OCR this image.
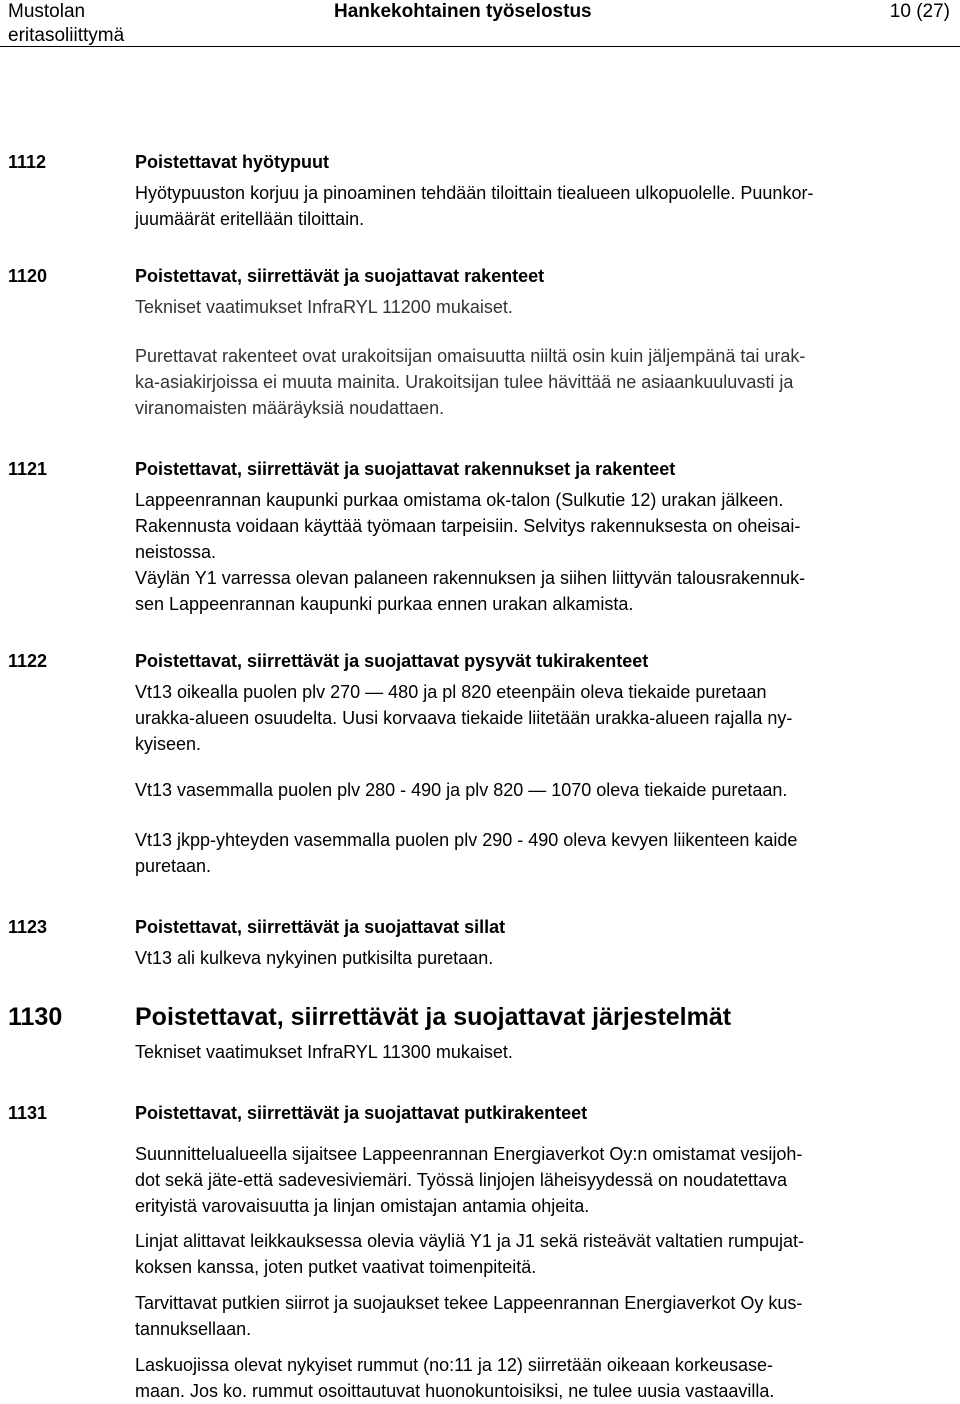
Mustolan
eritasoliittymä
Hankekohtainen työselostus	10 (27)
1112	Poistettavat hyötypuut

Hyötypuuston korjuu ja pinoaminen tehdään tiloittain tiealueen ulkopuolelle. Puunkor-
juumäärät eritellään tiloittain.

1120	Poistettavat, siirrettävät ja suojattavat rakenteet

Tekniset vaatimukset InfraRYL 11200 mukaiset.

Purettavat rakenteet ovat urakoitsijan omaisuutta niiltä osin kuin jäljempänä tai urak-
ka-asiakirjoissa ei muuta mainita. Urakoitsijan tulee hävittää ne asiaankuuluvasti ja
viranomaisten määräyksiä noudattaen.

1121	Poistettavat, siirrettävät ja suojattavat rakennukset ja rakenteet

Lappeenrannan kaupunki purkaa omistama ok-talon (Sulkutie 12) urakan jälkeen.
Rakennusta voidaan käyttää työmaan tarpeisiin. Selvitys rakennuksesta on oheisai-
neistossa.
Väylän Y1 varressa olevan palaneen rakennuksen ja siihen liittyvän talousrakennuk-
sen Lappeenrannan kaupunki purkaa ennen urakan alkamista.

1122	Poistettavat, siirrettävät ja suojattavat pysyvät tukirakenteet

Vt13 oikealla puolen plv 270 — 480 ja pl 820 eteenpäin oleva tiekaide puretaan
urakka-alueen osuudelta. Uusi korvaava tiekaide liitetään urakka-alueen rajalla ny-
kyiseen.

Vt13 vasemmalla puolen plv 280 - 490 ja plv 820 — 1070 oleva tiekaide puretaan.

Vt13 jkpp-yhteyden vasemmalla puolen plv 290 - 490 oleva kevyen liikenteen kaide
puretaan.

1123	Poistettavat, siirrettävät ja suojattavat sillat

Vt13 ali kulkeva nykyinen putkisilta puretaan.

1130	Poistettavat, siirrettävät ja suojattavat järjestelmät

Tekniset vaatimukset InfraRYL 11300 mukaiset.

1131	Poistettavat, siirrettävät ja suojattavat putkirakenteet

Suunnittelualueella sijaitsee Lappeenrannan Energiaverkot Oy:n omistamat vesijoh-
dot sekä jäte-että sadevesiviemäri. Työssä linjojen läheisyydessä on noudatettava
erityistä varovaisuutta ja linjan omistajan antamia ohjeita.

Linjat alittavat leikkauksessa olevia väyliä Y1 ja J1 sekä risteävät valtatien rumpujat-
koksen kanssa, joten putket vaativat toimenpiteitä.

Tarvittavat putkien siirrot ja suojaukset tekee Lappeenrannan Energiaverkot Oy kus-
tannuksellaan.

Laskuojissa olevat nykyiset rummut (no:11 ja 12) siirretään oikeaan korkeusase-
maan. Jos ko. rummut osoittautuvat huonokuntoisiksi, ne tulee uusia vastaavilla.
